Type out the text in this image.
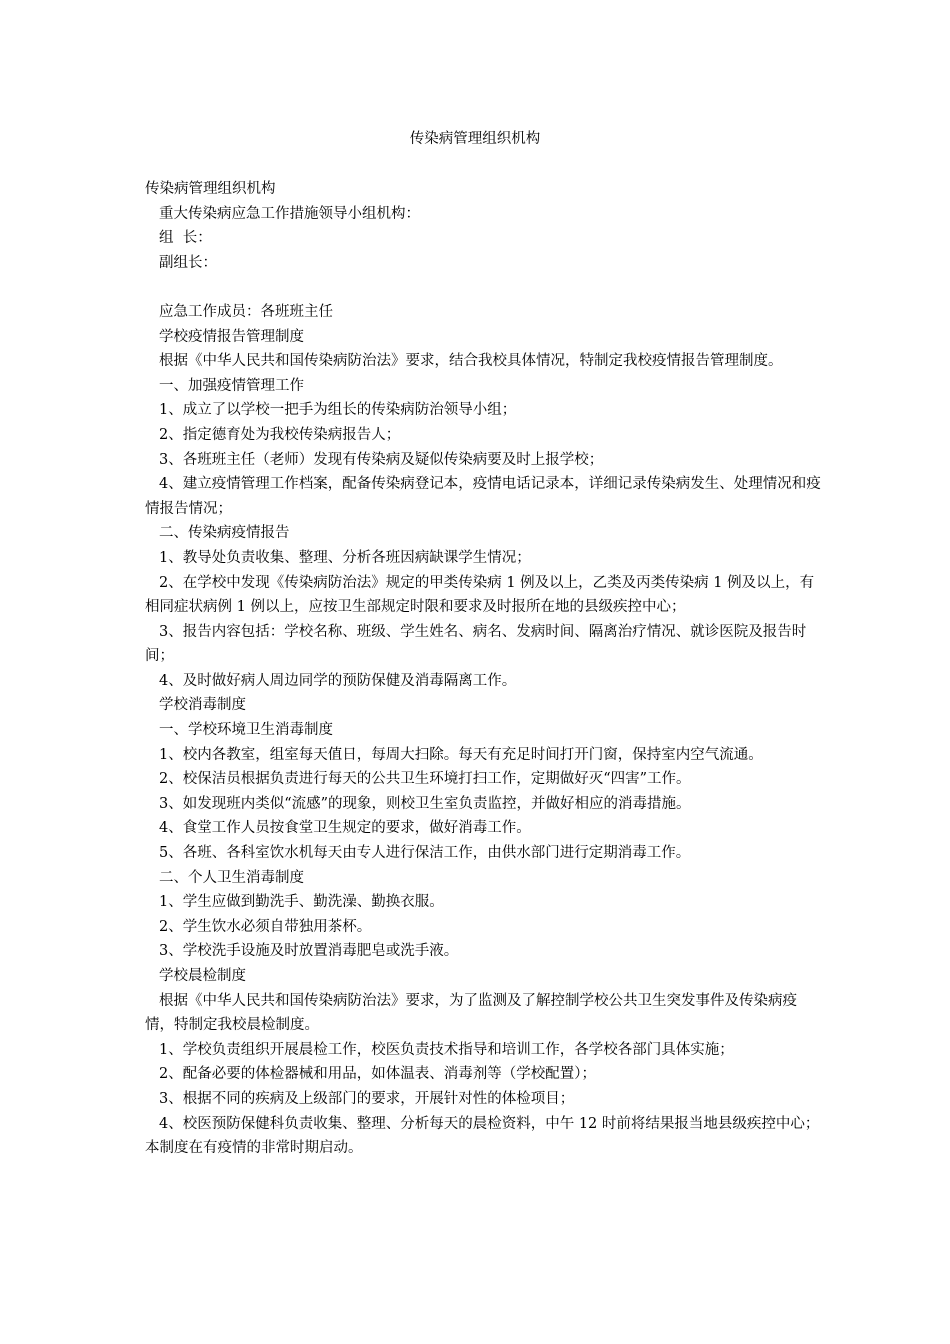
传染病管理组织机构

传染病管理组织机构

重大传染病应急工作措施领导小组机构：

组  长：

副组长：

应急工作成员：各班班主任

学校疫情报告管理制度

根据《中华人民共和国传染病防治法》要求，结合我校具体情况，特制定我校疫情报告管理制度。

一、加强疫情管理工作

1、成立了以学校一把手为组长的传染病防治领导小组；

2、指定德育处为我校传染病报告人；

3、各班班主任（老师）发现有传染病及疑似传染病要及时上报学校；

4、建立疫情管理工作档案，配备传染病登记本，疫情电话记录本，详细记录传染病发生、处理情况和疫情报告情况；

二、传染病疫情报告

1、教导处负责收集、整理、分析各班因病缺课学生情况；

2、在学校中发现《传染病防治法》规定的甲类传染病 1 例及以上，乙类及丙类传染病 1 例及以上，有相同症状病例 1 例以上，应按卫生部规定时限和要求及时报所在地的县级疾控中心；

3、报告内容包括：学校名称、班级、学生姓名、病名、发病时间、隔离治疗情况、就诊医院及报告时间；

4、及时做好病人周边同学的预防保健及消毒隔离工作。

学校消毒制度

一、学校环境卫生消毒制度

1、校内各教室，组室每天值日，每周大扫除。每天有充足时间打开门窗，保持室内空气流通。

2、校保洁员根据负责进行每天的公共卫生环境打扫工作，定期做好灭“四害”工作。

3、如发现班内类似“流感”的现象，则校卫生室负责监控，并做好相应的消毒措施。

4、食堂工作人员按食堂卫生规定的要求，做好消毒工作。

5、各班、各科室饮水机每天由专人进行保洁工作，由供水部门进行定期消毒工作。

二、个人卫生消毒制度

1、学生应做到勤洗手、勤洗澡、勤换衣服。

2、学生饮水必须自带独用茶杯。

3、学校洗手设施及时放置消毒肥皂或洗手液。

学校晨检制度

根据《中华人民共和国传染病防治法》要求，为了监测及了解控制学校公共卫生突发事件及传染病疫情，特制定我校晨检制度。

1、学校负责组织开展晨检工作，校医负责技术指导和培训工作，各学校各部门具体实施；

2、配备必要的体检器械和用品，如体温表、消毒剂等（学校配置）；

3、根据不同的疾病及上级部门的要求，开展针对性的体检项目；

4、校医预防保健科负责收集、整理、分析每天的晨检资料，中午 12 时前将结果报当地县级疾控中心；本制度在有疫情的非常时期启动。
